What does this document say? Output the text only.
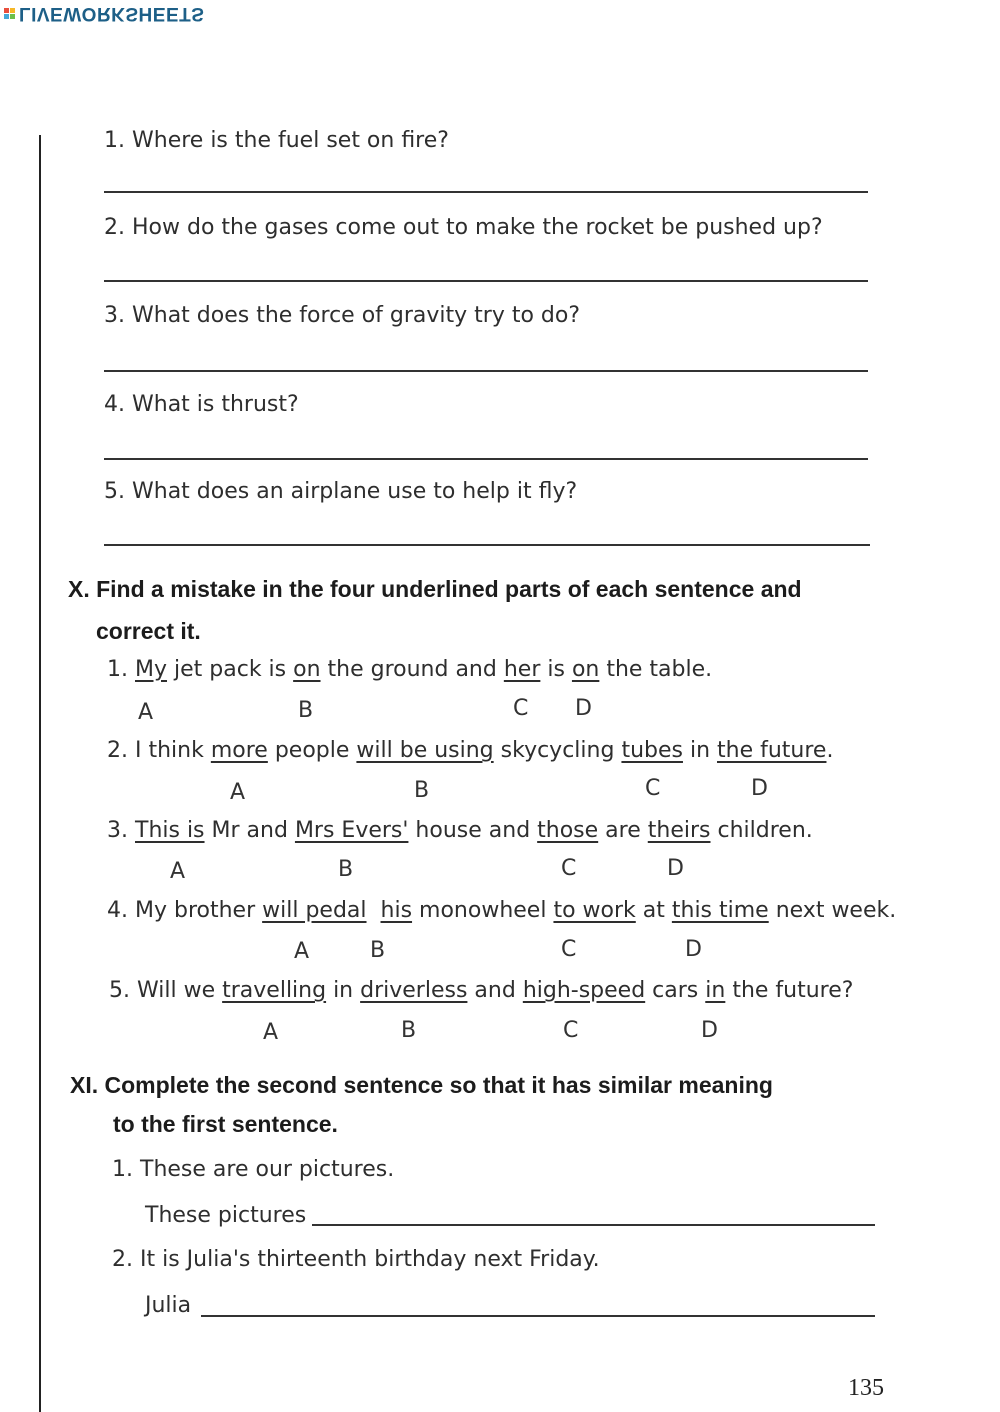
LIVEWORKSHEETS
1. Where is the fuel set on fire?
2. How do the gases come out to make the rocket be pushed up?
3. What does the force of gravity try to do?
4. What is thrust?
5. What does an airplane use to help it fly?
X. Find a mistake in the four underlined parts of each sentence and
correct it.
1. My jet pack is on the ground and her is on the table.
A	B	C D
2. I think more people will be using skycycling tubes in the future.
A	B	C	D
3. This is Mr and Mrs Evers' house and those are theirs children.
A	B	C	D
4. My brother will pedal his monowheel to work at this time next week.
A	B	C	D
5. Will we travelling in driverless and high-speed cars in the future?
A	B	C	D
XI. Complete the second sentence so that it has similar meaning
to the first sentence.
1. These are our pictures.
These pictures
2. It is Julia's thirteenth birthday next Friday.
Julia
135
